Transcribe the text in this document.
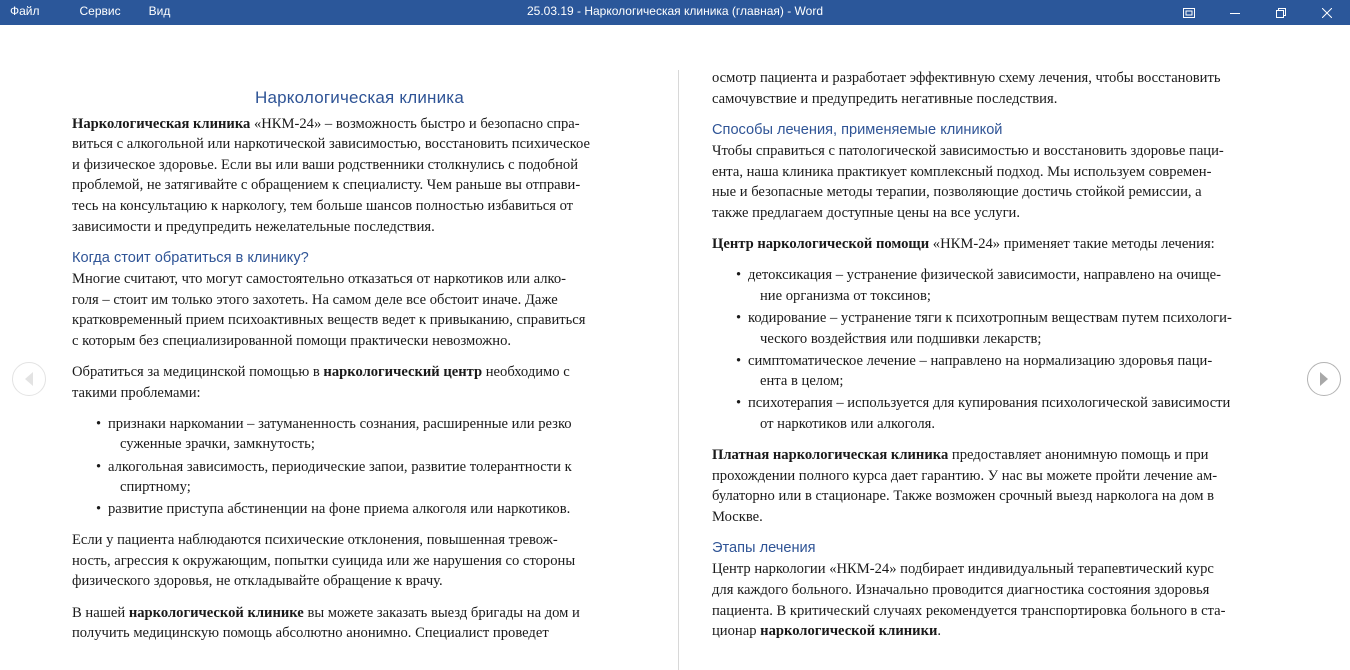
Файл	Сервис Вид	25.03.19 - Наркологическая клиника (главная) - Word
Наркологическая клиника

Наркологическая клиника «НКМ-24» – возможность быстро и безопасно спра-
виться с алкогольной или наркотической зависимостью, восстановить психическое
и физическое здоровье. Если вы или ваши родственники столкнулись с подобной
проблемой, не затягивайте с обращением к специалисту. Чем раньше вы отправи-
тесь на консультацию к наркологу, тем больше шансов полностью избавиться от
зависимости и предупредить нежелательные последствия.

Когда стоит обратиться в клинику?

Многие считают, что могут самостоятельно отказаться от наркотиков или алко-
голя – стоит им только этого захотеть. На самом деле все обстоит иначе. Даже
кратковременный прием психоактивных веществ ведет к привыканию, справиться
с которым без специализированной помощи практически невозможно.

Обратиться за медицинской помощью в наркологический центр необходимо с
такими проблемами:

• признаки наркомании – затуманенность сознания, расширенные или резко
суженные зрачки, замкнутость;
• алкогольная зависимость, периодические запои, развитие толерантности к
спиртному;
• развитие приступа абстиненции на фоне приема алкоголя или наркотиков.

Если у пациента наблюдаются психические отклонения, повышенная тревож-
ность, агрессия к окружающим, попытки суицида или же нарушения со стороны
физического здоровья, не откладывайте обращение к врачу.

В нашей наркологической клинике вы можете заказать выезд бригады на дом и
получить медицинскую помощь абсолютно анонимно. Специалист проведет

осмотр пациента и разработает эффективную схему лечения, чтобы восстановить
самочувствие и предупредить негативные последствия.

Способы лечения, применяемые клиникой

Чтобы справиться с патологической зависимостью и восстановить здоровье паци-
ента, наша клиника практикует комплексный подход. Мы используем современ-
ные и безопасные методы терапии, позволяющие достичь стойкой ремиссии, а
также предлагаем доступные цены на все услуги.

Центр наркологической помощи «НКМ-24» применяет такие методы лечения:

• детоксикация – устранение физической зависимости, направлено на очище-
ние организма от токсинов;
• кодирование – устранение тяги к психотропным веществам путем психологи-
ческого воздействия или подшивки лекарств;
• симптоматическое лечение – направлено на нормализацию здоровья паци-
ента в целом;
• психотерапия – используется для купирования психологической зависимости
от наркотиков или алкоголя.

Платная наркологическая клиника предоставляет анонимную помощь и при
прохождении полного курса дает гарантию. У нас вы можете пройти лечение ам-
булаторно или в стационаре. Также возможен срочный выезд нарколога на дом в
Москве.

Этапы лечения

Центр наркологии «НКМ-24» подбирает индивидуальный терапевтический курс
для каждого больного. Изначально проводится диагностика состояния здоровья
пациента. В критический случаях рекомендуется транспортировка больного в ста-
ционар наркологической клиники.
